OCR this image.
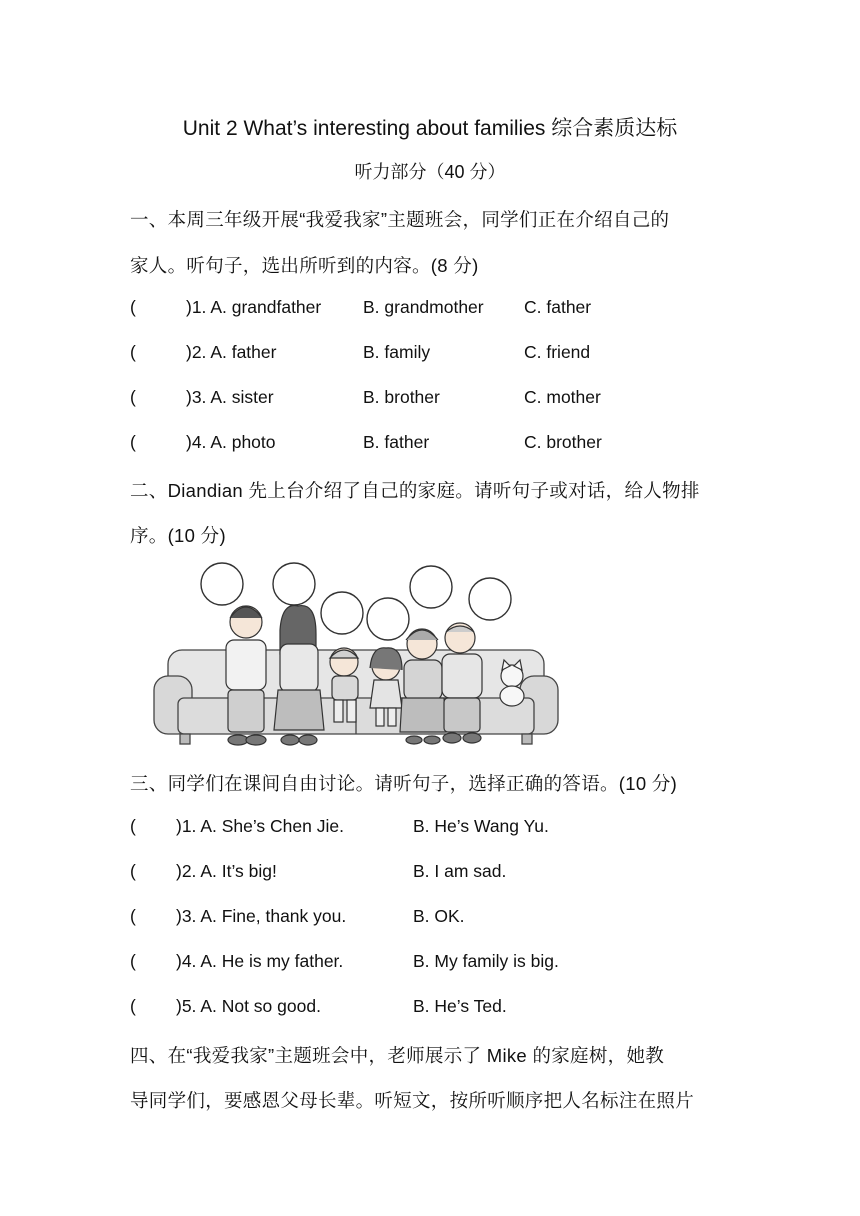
Unit 2 What’s interesting about families 综合素质达标
听力部分（40 分）
一、本周三年级开展“我爱我家”主题班会，同学们正在介绍自己的
家人。听句子，选出所听到的内容。(8 分)
(	)1. A. grandfather B. grandmother C. father
(	)2. A. father	B. family	C. friend
(	)3. A. sister	B. brother	C. mother
(	)4. A. photo	B. father	C. brother
二、Diandian 先上台介绍了自己的家庭。请听句子或对话，给人物排
序。(10 分)
三、同学们在课间自由讨论。请听句子，选择正确的答语。(10 分)
( )1. A. She’s Chen Jie.	B. He’s Wang Yu.
( )2. A. It’s big!	B. I am sad.
( )3. A. Fine, thank you.	B. OK.
( )4. A. He is my father.	B. My family is big.
( )5. A. Not so good.	B. He’s Ted.
四、在“我爱我家”主题班会中，老师展示了 Mike 的家庭树，她教
导同学们，要感恩父母长辈。听短文，按所听顺序把人名标注在照片
